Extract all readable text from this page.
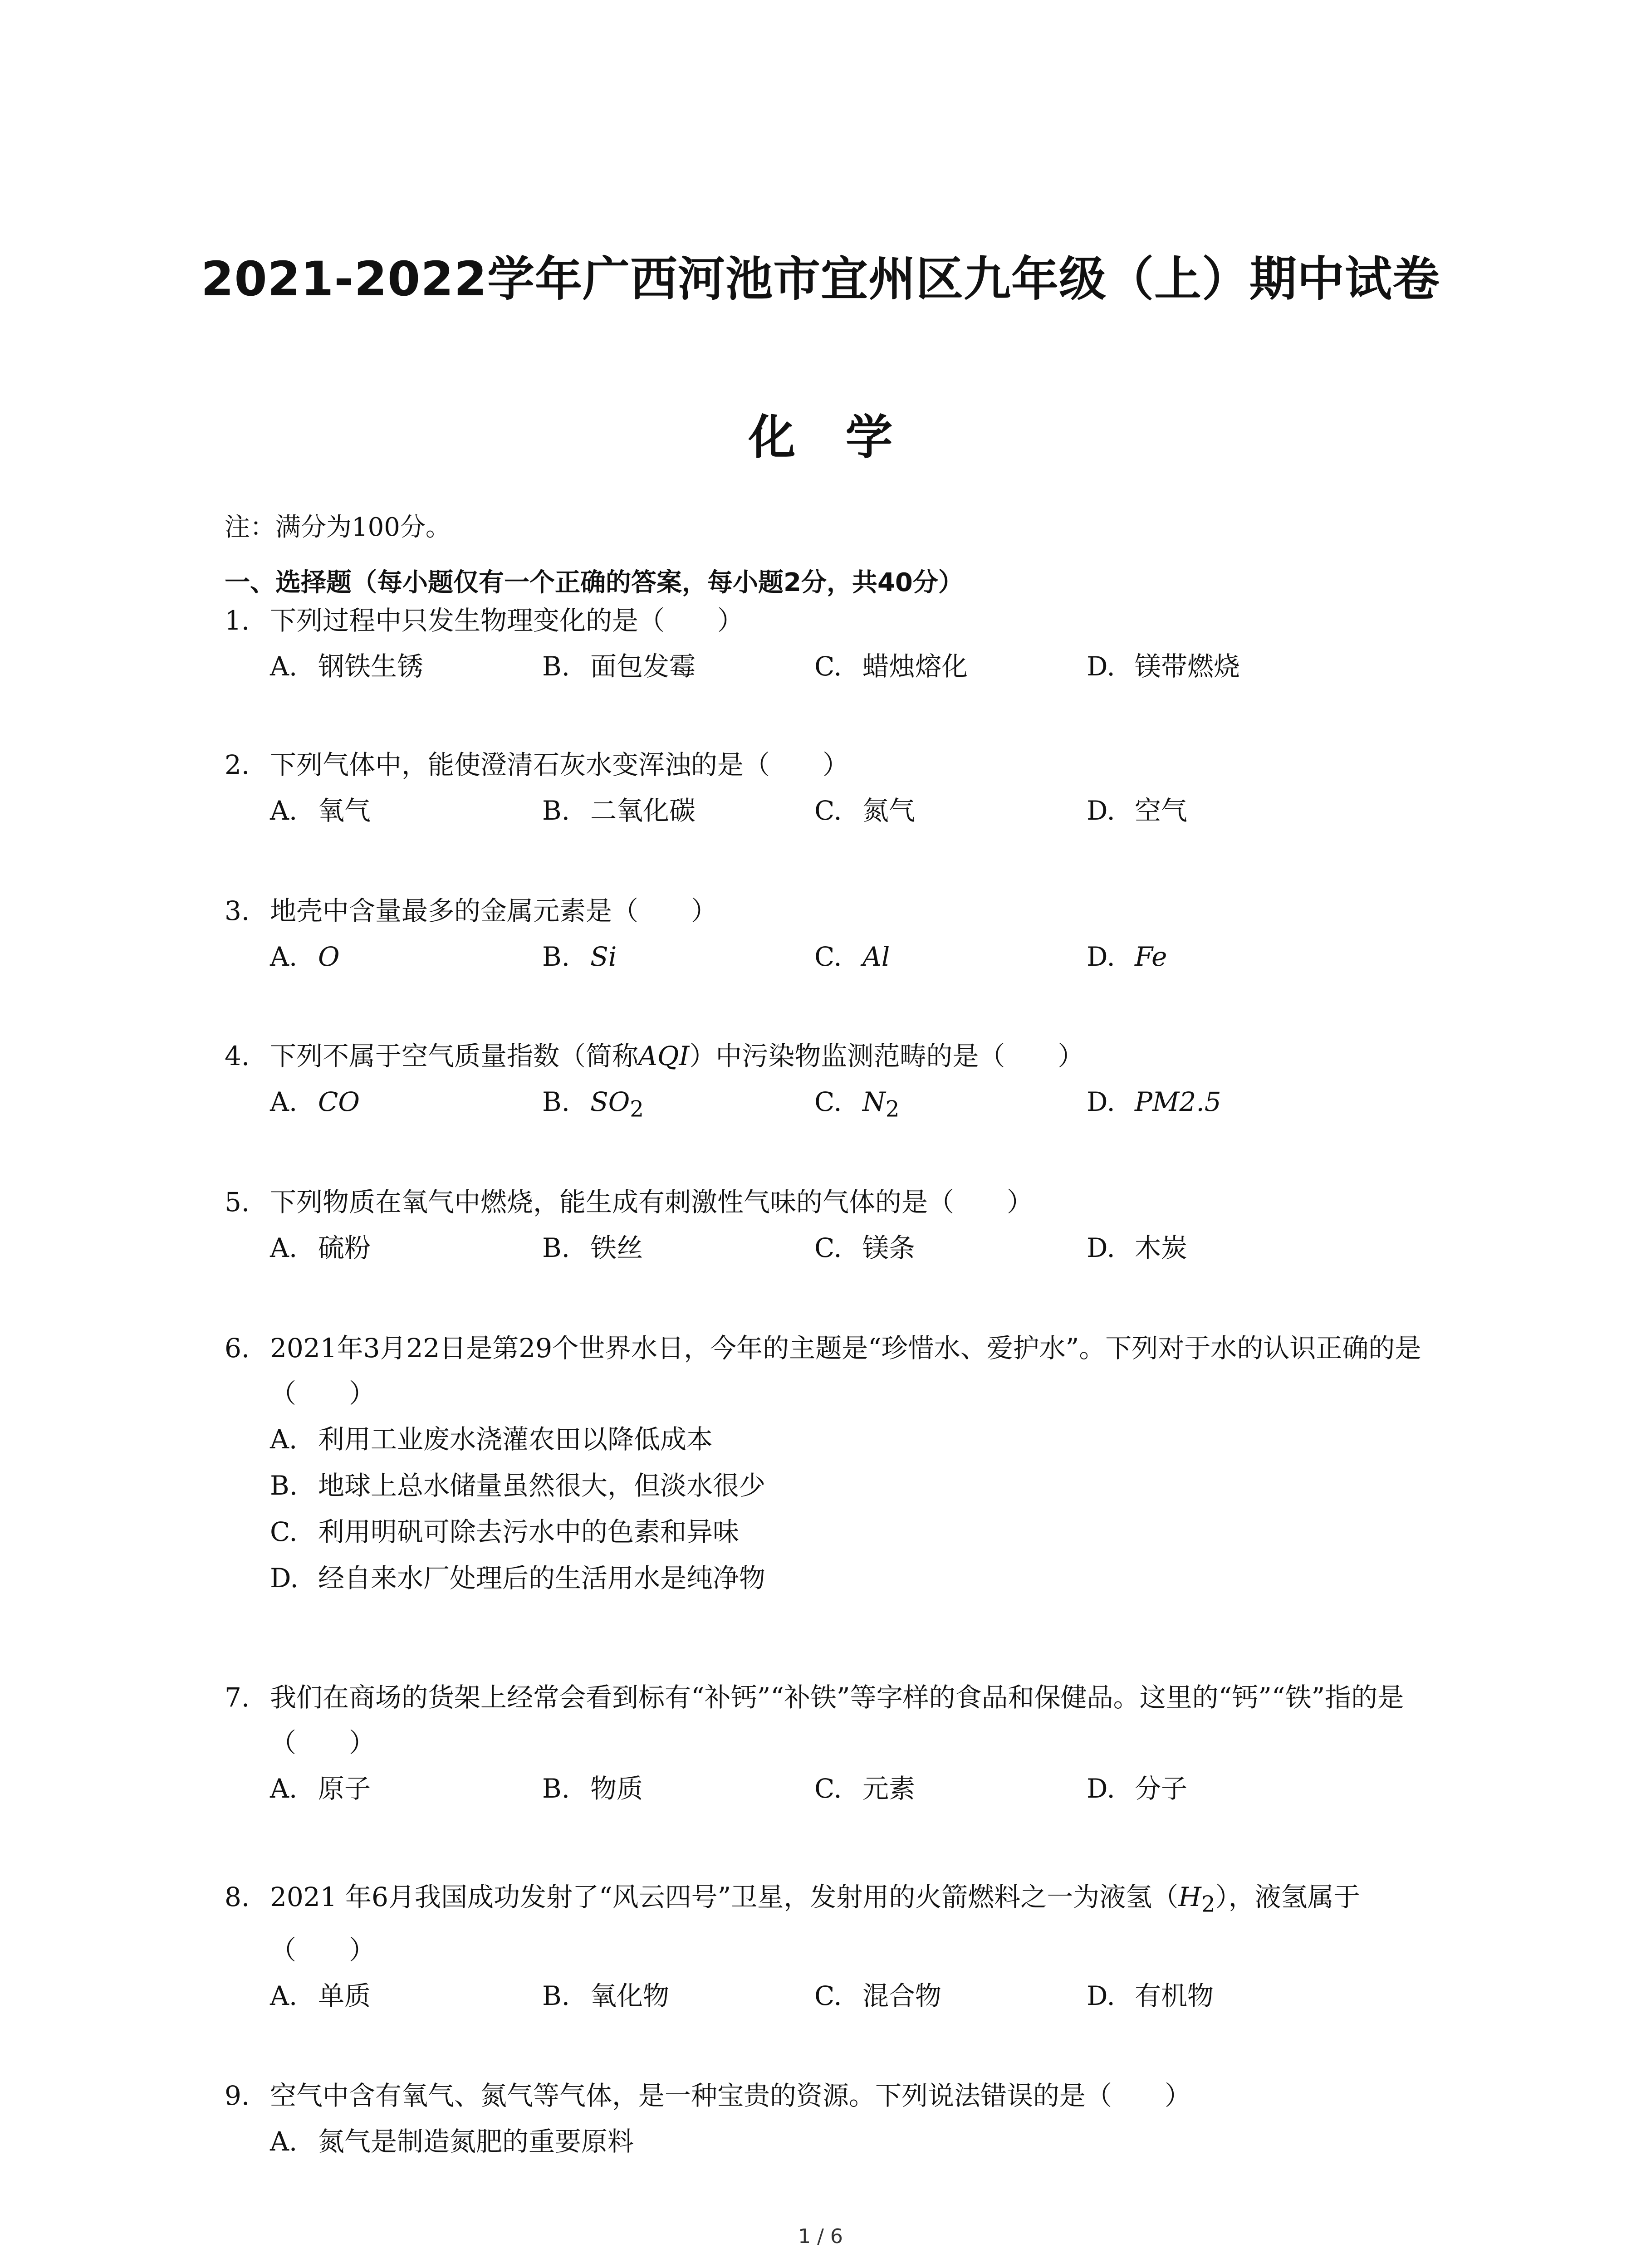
2021-2022学年广西河池市宜州区九年级（上）期中试卷
化学
注：满分为100分。
一、选择题（每小题仅有一个正确的答案，每小题2分，共40分）
1. 下列过程中只发生物理变化的是（　　）
A. 钢铁生锈	B. 面包发霉	C. 蜡烛熔化	D. 镁带燃烧
2. 下列气体中，能使澄清石灰水变浑浊的是（　　）
A. 氧气	B. 二氧化碳	C. 氮气	D. 空气
3. 地壳中含量最多的金属元素是（　　）
A. O	B. Si	C. Al	D. Fe
4. 下列不属于空气质量指数（简称AQI）中污染物监测范畴的是（　　）
A. CO	B. $SO_2$	C. $N_2$	D. PM2.5
5. 下列物质在氧气中燃烧，能生成有刺激性气味的气体的是（　　）
A. 硫粉	B. 铁丝	C. 镁条	D. 木炭
6. 2021年3月22日是第29个世界水日，今年的主题是“珍惜水、爱护水”。下列对于水的认识正确的是（　　）
A. 利用工业废水浇灌农田以降低成本
B. 地球上总水储量虽然很大，但淡水很少
C. 利用明矾可除去污水中的色素和异味
D. 经自来水厂处理后的生活用水是纯净物
7. 我们在商场的货架上经常会看到标有“补钙”“补铁”等字样的食品和保健品。这里的“钙”“铁”指的是（　　）
A. 原子	B. 物质	C. 元素	D. 分子
8. 2021 年6月我国成功发射了“风云四号”卫星，发射用的火箭燃料之一为液氢$(H_2)$，液氢属于（　　）
A. 单质	B. 氧化物	C. 混合物	D. 有机物
9. 空气中含有氧气、氮气等气体，是一种宝贵的资源。下列说法错误的是（　　）
A. 氮气是制造氮肥的重要原料
1 / 6
